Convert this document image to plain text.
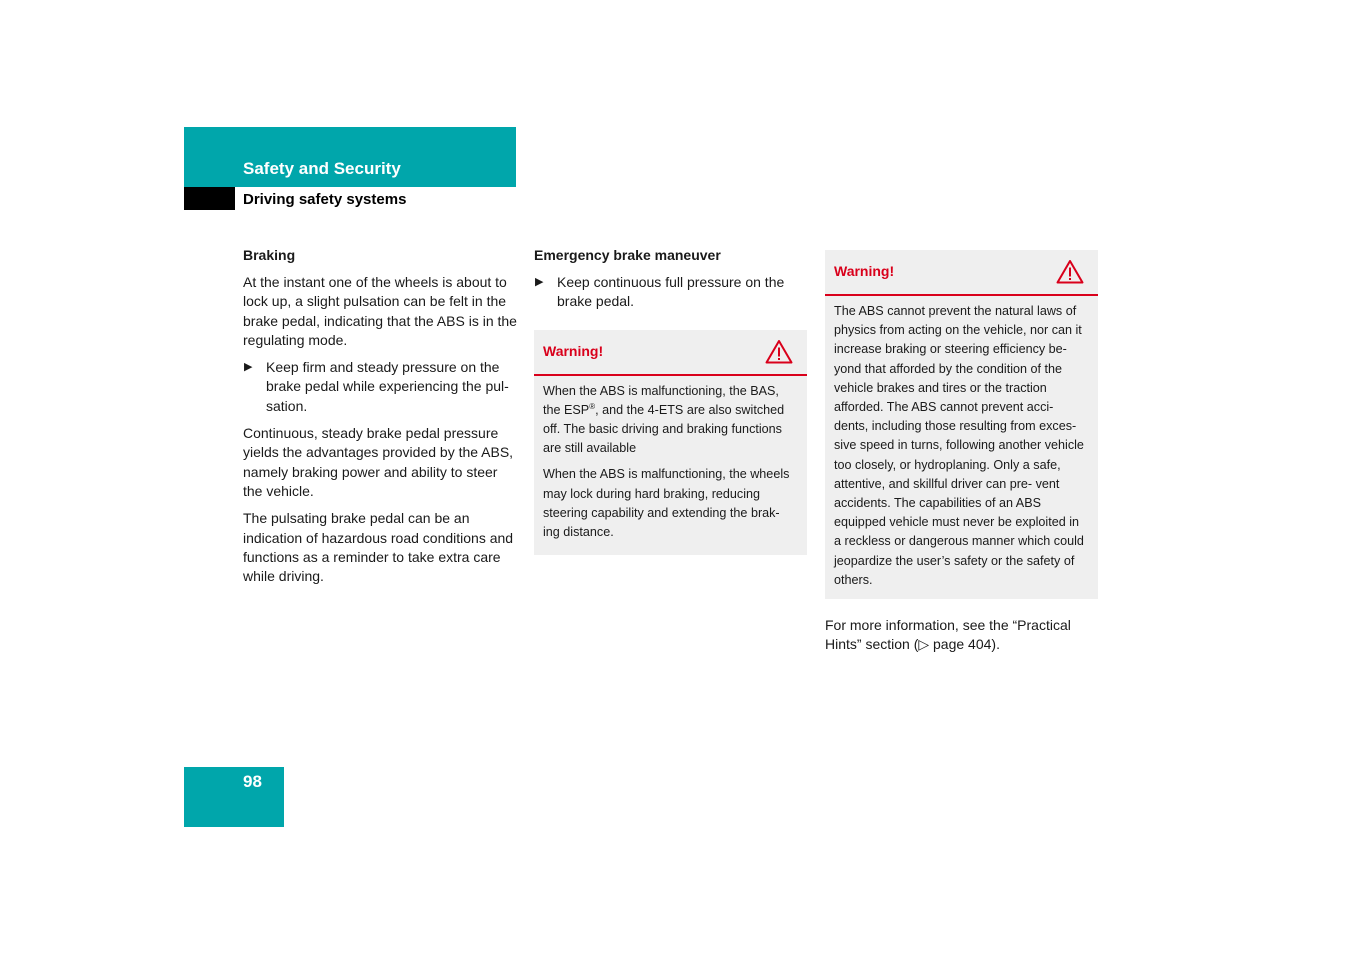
Safety and Security
Driving safety systems
Braking

At the instant one of the wheels is about to lock up, a slight pulsation can be felt in the brake pedal, indicating that the ABS is in the regulating mode.

▶ Keep firm and steady pressure on the brake pedal while experiencing the pul- sation.

Continuous, steady brake pedal pressure yields the advantages provided by the ABS, namely braking power and ability to steer the vehicle.

The pulsating brake pedal can be an indication of hazardous road conditions and functions as a reminder to take extra care while driving.

Emergency brake maneuver
▶ Keep continuous full pressure on the brake pedal.
Warning!

When the ABS is malfunctioning, the BAS, the ESP®, and the 4-ETS are also switched off. The basic driving and braking functions are still available

When the ABS is malfunctioning, the wheels may lock during hard braking, reducing steering capability and extending the brak- ing distance.

Warning!

The ABS cannot prevent the natural laws of physics from acting on the vehicle, nor can it increase braking or steering efficiency be- yond that afforded by the condition of the vehicle brakes and tires or the traction afforded. The ABS cannot prevent acci- dents, including those resulting from exces- sive speed in turns, following another vehicle too closely, or hydroplaning. Only a safe, attentive, and skillful driver can pre- vent accidents. The capabilities of an ABS equipped vehicle must never be exploited in a reckless or dangerous manner which could jeopardize the user’s safety or the safety of others.

For more information, see the “Practical Hints” section (▷ page 404).

98
